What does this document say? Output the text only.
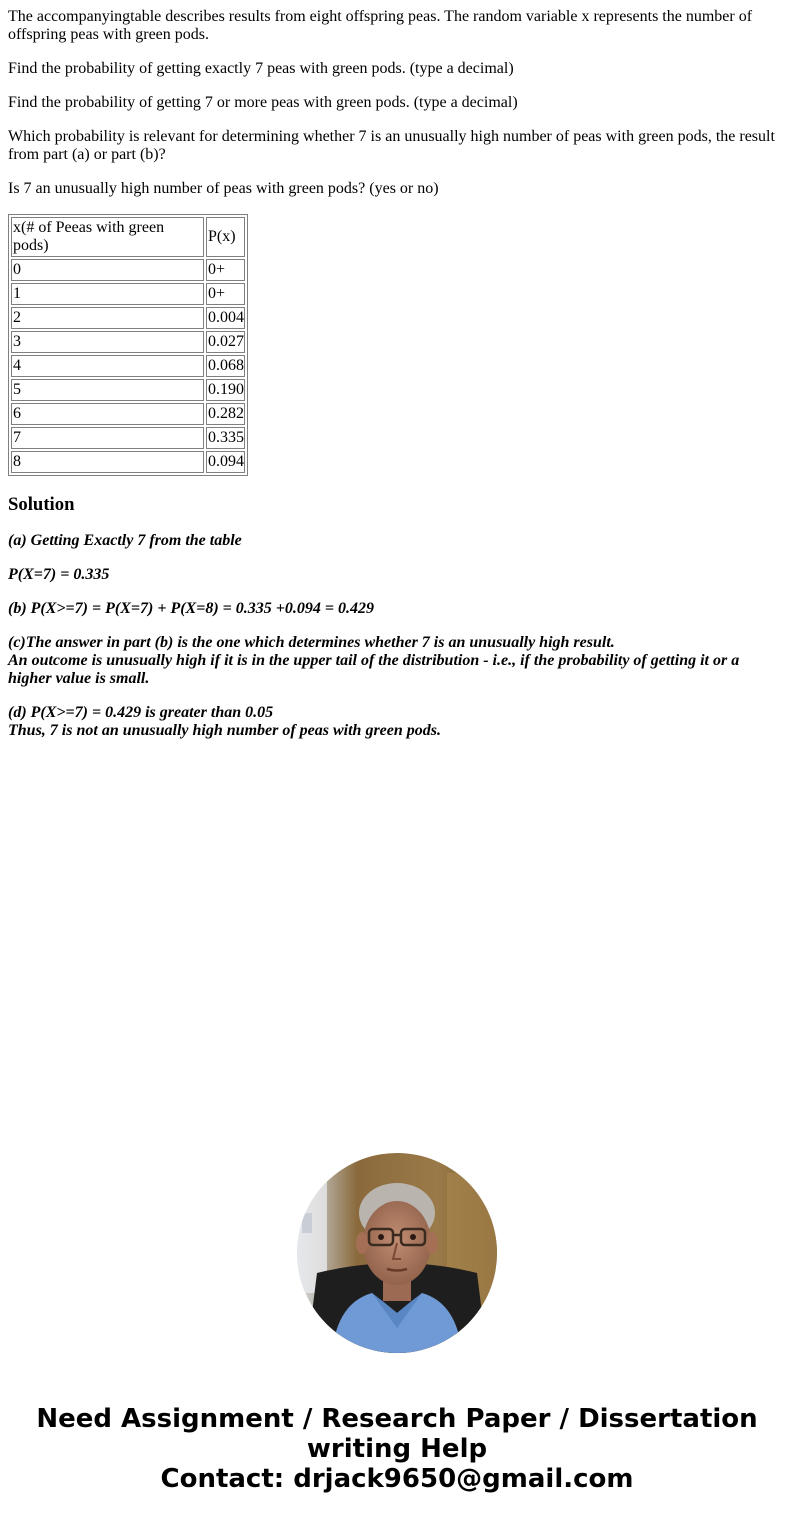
The accompanyingtable describes results from eight offspring peas. The random variable x represents the number of offspring peas with green pods.

Find the probability of getting exactly 7 peas with green pods. (type a decimal)

Find the probability of getting 7 or more peas with green pods. (type a decimal)

Which probability is relevant for determining whether 7 is an unusually high number of peas with green pods, the result from part (a) or part (b)?

Is 7 an unusually high number of peas with green pods? (yes or no)

x(# of Peeas with green pods)	P(x)
0	0+
1	0+
2	0.004
3	0.027
4	0.068
5	0.190
6	0.282
7	0.335
8	0.094
Solution

(a) Getting Exactly 7 from the table

P(X=7) = 0.335

(b) P(X>=7) = P(X=7) + P(X=8) = 0.335 +0.094 = 0.429

(c)The answer in part (b) is the one which determines whether 7 is an unusually high result.
An outcome is unusually high if it is in the upper tail of the distribution - i.e., if the probability of getting it or a higher value is small.

(d) P(X>=7) = 0.429 is greater than 0.05
Thus, 7 is not an unusually high number of peas with green pods.

Need Assignment / Research Paper / Dissertation
writing Help
Contact: drjack9650@gmail.com
